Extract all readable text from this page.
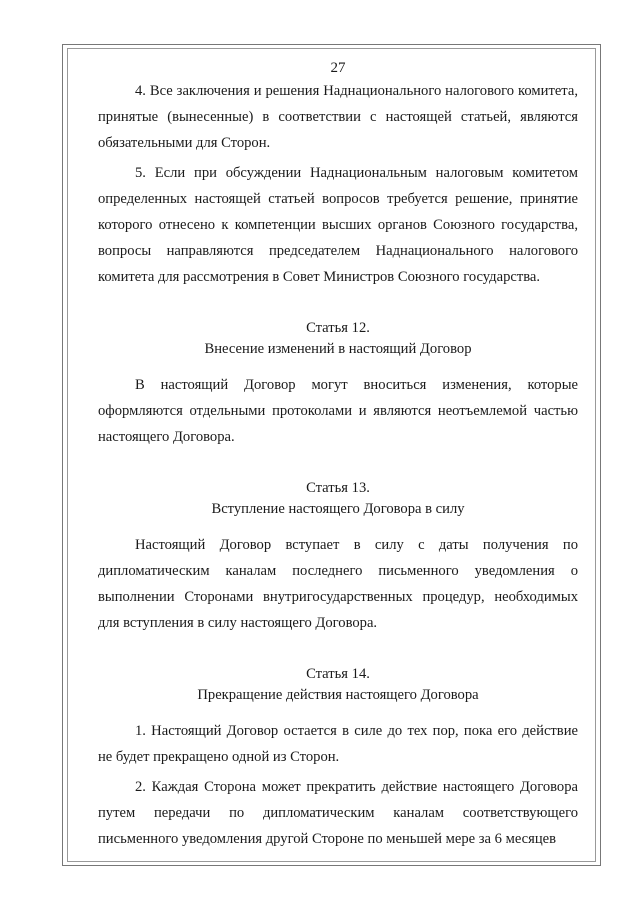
27

4. Все заключения и решения Наднационального налогового комитета, принятые (вынесенные) в соответствии с настоящей статьей, являются обязательными для Сторон.

5. Если при обсуждении Наднациональным налоговым комитетом определенных настоящей статьей вопросов требуется решение, принятие которого отнесено к компетенции высших органов Союзного государства, вопросы направляются председателем Наднационального налогового комитета для рассмотрения в Совет Министров Союзного государства.

Статья 12.

Внесение изменений в настоящий Договор

В настоящий Договор могут вноситься изменения, которые оформляются отдельными протоколами и являются неотъемлемой частью настоящего Договора.

Статья 13.

Вступление настоящего Договора в силу

Настоящий Договор вступает в силу с даты получения по дипломатическим каналам последнего письменного уведомления о выполнении Сторонами внутригосударственных процедур, необходимых для вступления в силу настоящего Договора.

Статья 14.

Прекращение действия настоящего Договора

1. Настоящий Договор остается в силе до тех пор, пока его действие не будет прекращено одной из Сторон.

2. Каждая Сторона может прекратить действие настоящего Договора путем передачи по дипломатическим каналам соответствующего письменного уведомления другой Стороне по меньшей мере за 6 месяцев
